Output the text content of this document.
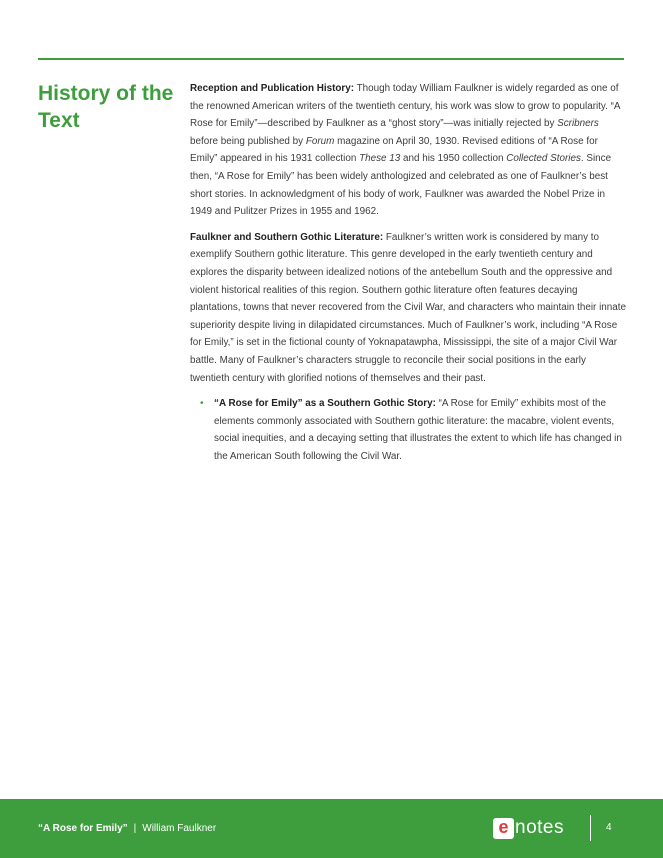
History of the Text

Reception and Publication History: Though today William Faulkner is widely regarded as one of the renowned American writers of the twentieth century, his work was slow to grow to popularity. “A Rose for Emily”—described by Faulkner as a “ghost story”—was initially rejected by Scribners before being published by Forum magazine on April 30, 1930. Revised editions of “A Rose for Emily” appeared in his 1931 collection These 13 and his 1950 collection Collected Stories. Since then, “A Rose for Emily” has been widely anthologized and celebrated as one of Faulkner’s best short stories. In acknowledgment of his body of work, Faulkner was awarded the Nobel Prize in 1949 and Pulitzer Prizes in 1955 and 1962.

Faulkner and Southern Gothic Literature: Faulkner’s written work is considered by many to exemplify Southern gothic literature. This genre developed in the early twentieth century and explores the disparity between idealized notions of the antebellum South and the oppressive and violent historical realities of this region. Southern gothic literature often features decaying plantations, towns that never recovered from the Civil War, and characters who maintain their innate superiority despite living in dilapidated circumstances. Much of Faulkner’s work, including “A Rose for Emily,” is set in the fictional county of Yoknapatawpha, Mississippi, the site of a major Civil War battle. Many of Faulkner’s characters struggle to reconcile their social positions in the early twentieth century with glorified notions of themselves and their past.

• “A Rose for Emily” as a Southern Gothic Story: “A Rose for Emily” exhibits most of the elements commonly associated with Southern gothic literature: the macabre, violent events, social inequities, and a decaying setting that illustrates the extent to which life has changed in the American South following the Civil War.
“A Rose for Emily” | William Faulkner	e notes	4
